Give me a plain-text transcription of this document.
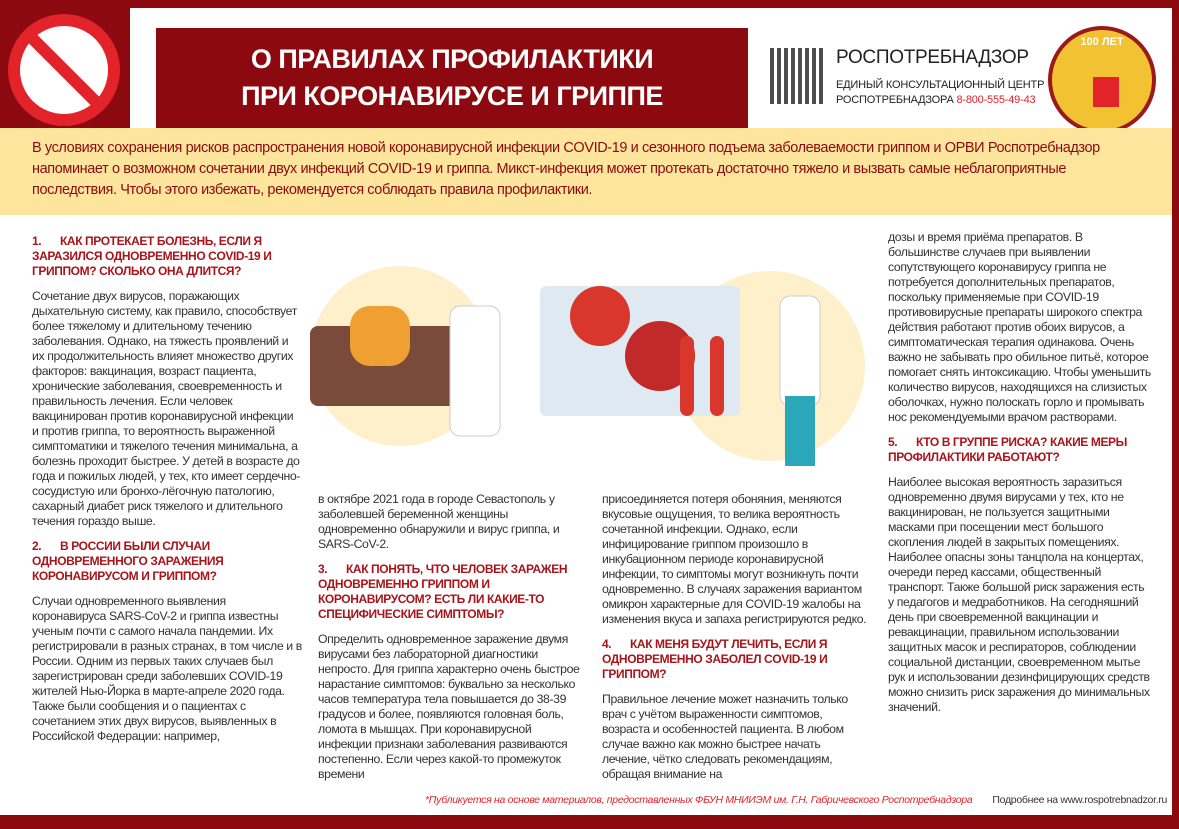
О ПРАВИЛАХ ПРОФИЛАКТИКИ
ПРИ КОРОНАВИРУСЕ И ГРИППЕ
РОСПОТРЕБНАДЗОР
ЕДИНЫЙ КОНСУЛЬТАЦИОННЫЙ ЦЕНТР
РОСПОТРЕБНАДЗОРА 8-800-555-49-43
100 ЛЕТ
В условиях сохранения рисков распространения новой коронавирусной инфекции COVID-19 и сезонного подъема заболеваемости гриппом и ОРВИ Роспотребнадзор напоминает о возможном сочетании двух инфекций COVID-19 и гриппа. Микст-инфекция может протекать достаточно тяжело и вызвать самые неблагоприятные последствия. Чтобы этого избежать, рекомендуется соблюдать правила профилактики.
1. КАК ПРОТЕКАЕТ БОЛЕЗНЬ, ЕСЛИ Я ЗАРАЗИЛСЯ ОДНОВРЕМЕННО COVID-19 И ГРИППОМ? СКОЛЬКО ОНА ДЛИТСЯ?

Сочетание двух вирусов, поражающих дыхательную систему, как правило, способствует более тяжелому и длительному течению заболевания. Однако, на тяжесть проявлений и их продолжительность влияет множество других факторов: вакцинация, возраст пациента, хронические заболевания, своевременность и правильность лечения. Если человек вакцинирован против коронавирусной инфекции и против гриппа, то вероятность выраженной симптоматики и тяжелого течения минимальна, а болезнь проходит быстрее. У детей в возрасте до года и пожилых людей, у тех, кто имеет сердечно-сосудистую или бронхо-лёгочную патологию, сахарный диабет риск тяжелого и длительного течения гораздо выше.

2. В РОССИИ БЫЛИ СЛУЧАИ ОДНОВРЕМЕННОГО ЗАРАЖЕНИЯ КОРОНАВИРУСОМ И ГРИППОМ?

Случаи одновременного выявления коронавируса SARS-CoV-2 и гриппа известны ученым почти с самого начала пандемии. Их регистрировали в разных странах, в том числе и в России. Одним из первых таких случаев был зарегистрирован среди заболевших COVID-19 жителей Нью-Йорка в марте-апреле 2020 года. Также были сообщения и о пациентах с сочетанием этих двух вирусов, выявленных в Российской Федерации: например,

в октябре 2021 года в городе Севастополь у заболевшей беременной женщины одновременно обнаружили и вирус гриппа, и SARS-CoV-2.

3. КАК ПОНЯТЬ, ЧТО ЧЕЛОВЕК ЗАРАЖЕН ОДНОВРЕМЕННО ГРИППОМ И КОРОНАВИРУСОМ? ЕСТЬ ЛИ КАКИЕ-ТО СПЕЦИФИЧЕСКИЕ СИМПТОМЫ?

Определить одновременное заражение двумя вирусами без лабораторной диагностики непросто. Для гриппа характерно очень быстрое нарастание симптомов: буквально за несколько часов температура тела повышается до 38-39 градусов и более, появляются головная боль, ломота в мышцах. При коронавирусной инфекции признаки заболевания развиваются постепенно. Если через какой-то промежуток времени

присоединяется потеря обоняния, меняются вкусовые ощущения, то велика вероятность сочетанной инфекции. Однако, если инфицирование гриппом произошло в инкубационном периоде коронавирусной инфекции, то симптомы могут возникнуть почти одновременно. В случаях заражения вариантом омикрон характерные для COVID-19 жалобы на изменения вкуса и запаха регистрируются редко.

4. КАК МЕНЯ БУДУТ ЛЕЧИТЬ, ЕСЛИ Я ОДНОВРЕМЕННО ЗАБОЛЕЛ COVID-19 И ГРИППОМ?

Правильное лечение может назначить только врач с учётом выраженности симптомов, возраста и особенностей пациента. В любом случае важно как можно быстрее начать лечение, чётко следовать рекомендациям, обращая внимание на

дозы и время приёма препаратов. В большинстве случаев при выявлении сопутствующего коронавирусу гриппа не потребуется дополнительных препаратов, поскольку применяемые при COVID-19 противовирусные препараты широкого спектра действия работают против обоих вирусов, а симптоматическая терапия одинакова. Очень важно не забывать про обильное питьё, которое помогает снять интоксикацию. Чтобы уменьшить количество вирусов, находящихся на слизистых оболочках, нужно полоскать горло и промывать нос рекомендуемыми врачом растворами.

5. КТО В ГРУППЕ РИСКА? КАКИЕ МЕРЫ ПРОФИЛАКТИКИ РАБОТАЮТ?

Наиболее высокая вероятность заразиться одновременно двумя вирусами у тех, кто не вакцинирован, не пользуется защитными масками при посещении мест большого скопления людей в закрытых помещениях. Наиболее опасны зоны танцпола на концертах, очереди перед кассами, общественный транспорт. Также большой риск заражения есть у педагогов и медработников. На сегодняшний день при своевременной вакцинации и ревакцинации, правильном использовании защитных масок и респираторов, соблюдении социальной дистанции, своевременном мытье рук и использовании дезинфицирующих средств можно снизить риск заражения до минимальных значений.

*Публикуется на основе материалов, предоставленных ФБУН МНИИЭМ им. Г.Н. Габричевского Роспотребнадзора Подробнее на www.rospotrebnadzor.ru
